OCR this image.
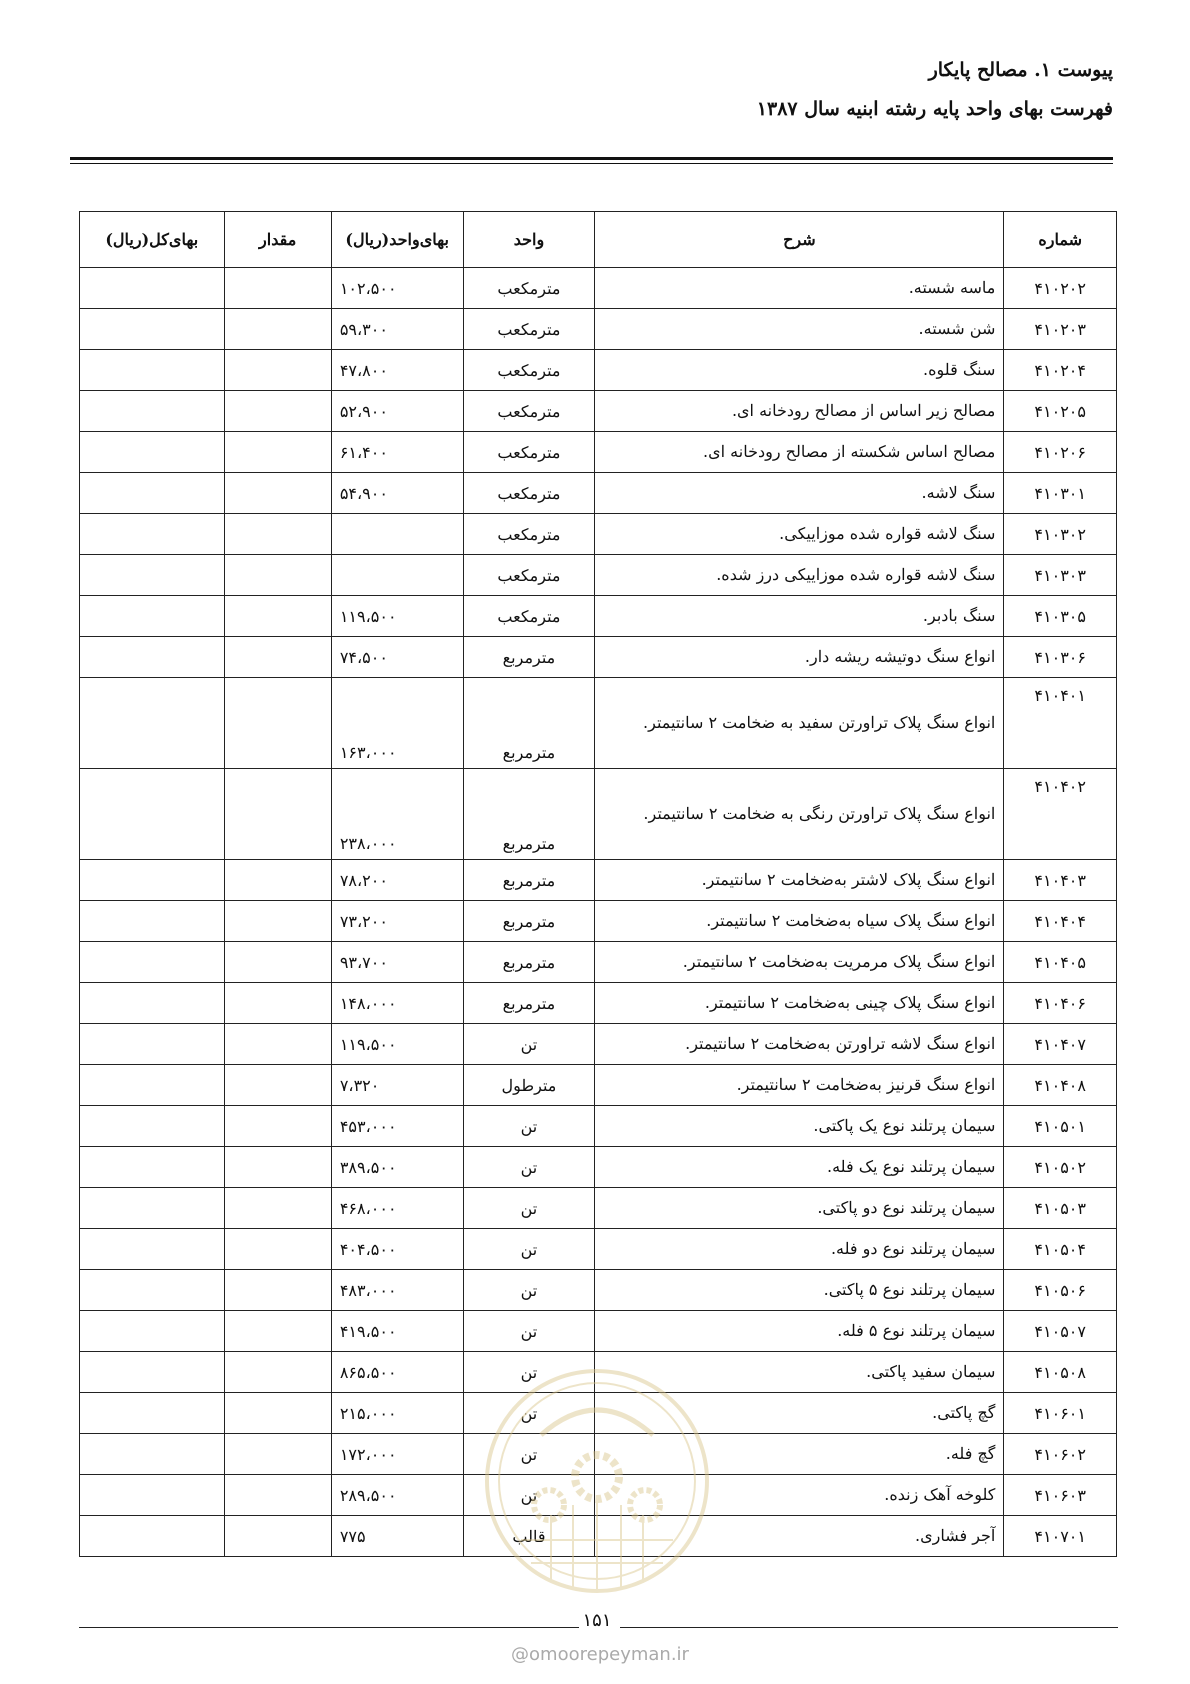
پیوست ۱. مصالح پایکار
فهرست بهای واحد پایه رشته ابنیه سال ۱۳۸۷
شماره	شرح	واحد	بهای‌واحد(ریال)	مقدار	بهای‌کل(ریال)
۴۱۰۲۰۲	ماسه شسته.	مترمکعب	۱۰۲،۵۰۰		
۴۱۰۲۰۳	شن شسته.	مترمکعب	۵۹،۳۰۰		
۴۱۰۲۰۴	سنگ قلوه.	مترمکعب	۴۷،۸۰۰		
۴۱۰۲۰۵	مصالح زیر اساس از مصالح رودخانه ای.	مترمکعب	۵۲،۹۰۰		
۴۱۰۲۰۶	مصالح اساس شکسته از مصالح رودخانه ای.	مترمکعب	۶۱،۴۰۰		
۴۱۰۳۰۱	سنگ لاشه.	مترمکعب	۵۴،۹۰۰		
۴۱۰۳۰۲	سنگ لاشه قواره شده موزاییکی.	مترمکعب			
۴۱۰۳۰۳	سنگ لاشه قواره شده موزاییکی درز شده.	مترمکعب			
۴۱۰۳۰۵	سنگ بادبر.	مترمکعب	۱۱۹،۵۰۰		
۴۱۰۳۰۶	انواع سنگ دوتیشه ریشه دار.	مترمربع	۷۴،۵۰۰		
۴۱۰۴۰۱	انواع سنگ پلاک تراورتن سفید به ضخامت ۲ سانتیمتر.	مترمربع	۱۶۳،۰۰۰		
۴۱۰۴۰۲	انواع سنگ پلاک تراورتن رنگی به ضخامت ۲ سانتیمتر.	مترمربع	۲۳۸،۰۰۰		
۴۱۰۴۰۳	انواع سنگ پلاک لاشتر به‌ضخامت ۲ سانتیمتر.	مترمربع	۷۸،۲۰۰		
۴۱۰۴۰۴	انواع سنگ پلاک سیاه به‌ضخامت ۲ سانتیمتر.	مترمربع	۷۳،۲۰۰		
۴۱۰۴۰۵	انواع سنگ پلاک مرمریت به‌ضخامت ۲ سانتیمتر.	مترمربع	۹۳،۷۰۰		
۴۱۰۴۰۶	انواع سنگ پلاک چینی به‌ضخامت ۲ سانتیمتر.	مترمربع	۱۴۸،۰۰۰		
۴۱۰۴۰۷	انواع سنگ لاشه تراورتن به‌ضخامت ۲ سانتیمتر.	تن	۱۱۹،۵۰۰		
۴۱۰۴۰۸	انواع سنگ قرنیز به‌ضخامت ۲ سانتیمتر.	مترطول	۷،۳۲۰		
۴۱۰۵۰۱	سیمان پرتلند نوع یک پاکتی.	تن	۴۵۳،۰۰۰		
۴۱۰۵۰۲	سیمان پرتلند نوع یک فله.	تن	۳۸۹،۵۰۰		
۴۱۰۵۰۳	سیمان پرتلند نوع دو پاکتی.	تن	۴۶۸،۰۰۰		
۴۱۰۵۰۴	سیمان پرتلند نوع دو فله.	تن	۴۰۴،۵۰۰		
۴۱۰۵۰۶	سیمان پرتلند نوع ۵ پاکتی.	تن	۴۸۳،۰۰۰		
۴۱۰۵۰۷	سیمان پرتلند نوع ۵ فله.	تن	۴۱۹،۵۰۰		
۴۱۰۵۰۸	سیمان سفید پاکتی.	تن	۸۶۵،۵۰۰		
۴۱۰۶۰۱	گچ پاکتی.	تن	۲۱۵،۰۰۰		
۴۱۰۶۰۲	گچ فله.	تن	۱۷۲،۰۰۰		
۴۱۰۶۰۳	کلوخه آهک زنده.	تن	۲۸۹،۵۰۰		
۴۱۰۷۰۱	آجر فشاری.	قالب	۷۷۵		
۱۵۱
@omoorepeyman.ir
